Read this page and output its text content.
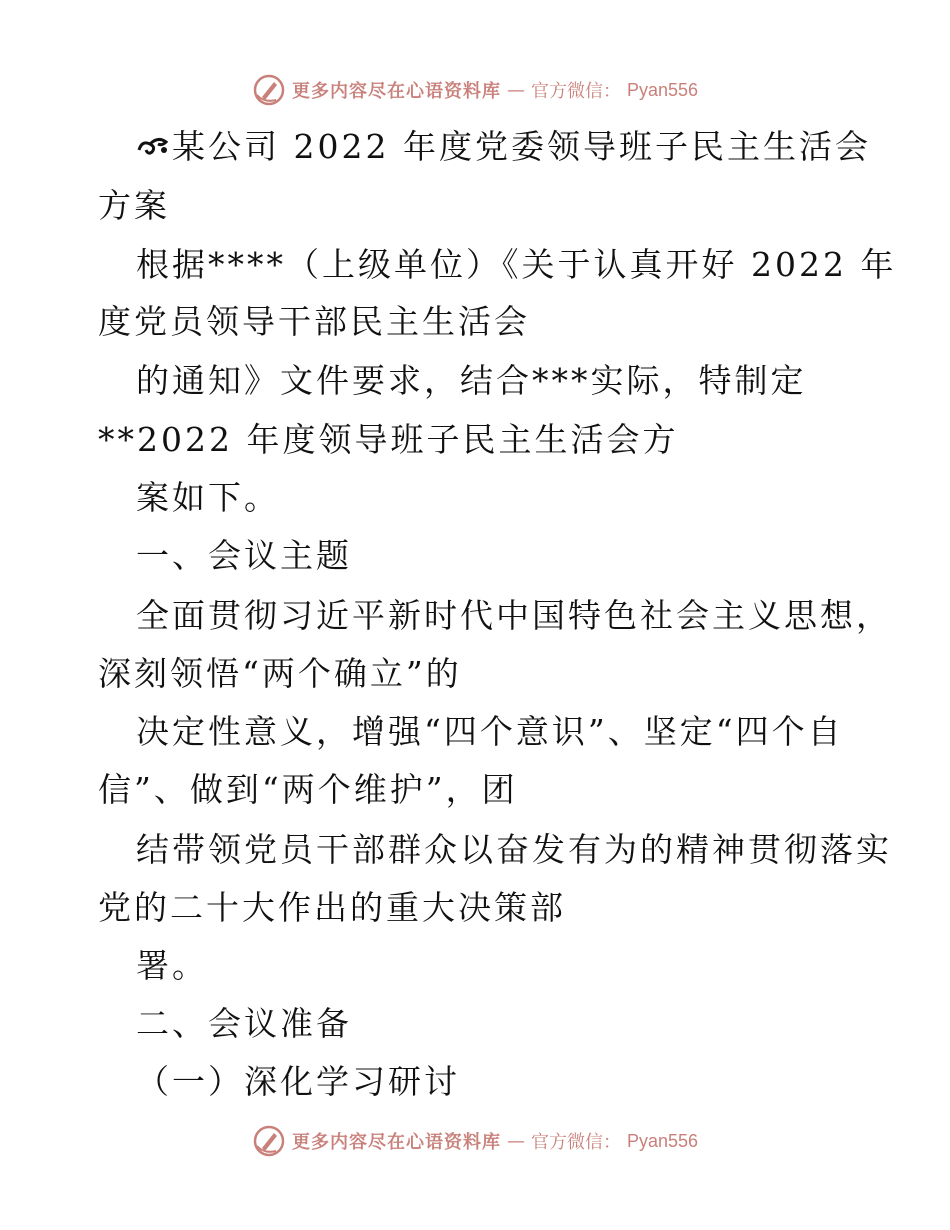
更多内容尽在心语资料库 — 官方微信： Pyan556
某公司 2022 年度党委领导班子民主生活会
方案
根据****（上级单位）《关于认真开好 2022 年
度党员领导干部民主生活会
的通知》文件要求，结合***实际，特制定
**2022 年度领导班子民主生活会方
案如下。
一、会议主题
全面贯彻习近平新时代中国特色社会主义思想，
深刻领悟“两个确立”的
决定性意义，增强“四个意识”、坚定“四个自
信”、做到“两个维护”，团
结带领党员干部群众以奋发有为的精神贯彻落实
党的二十大作出的重大决策部
署。
二、会议准备
（一）深化学习研讨
更多内容尽在心语资料库 — 官方微信： Pyan556
